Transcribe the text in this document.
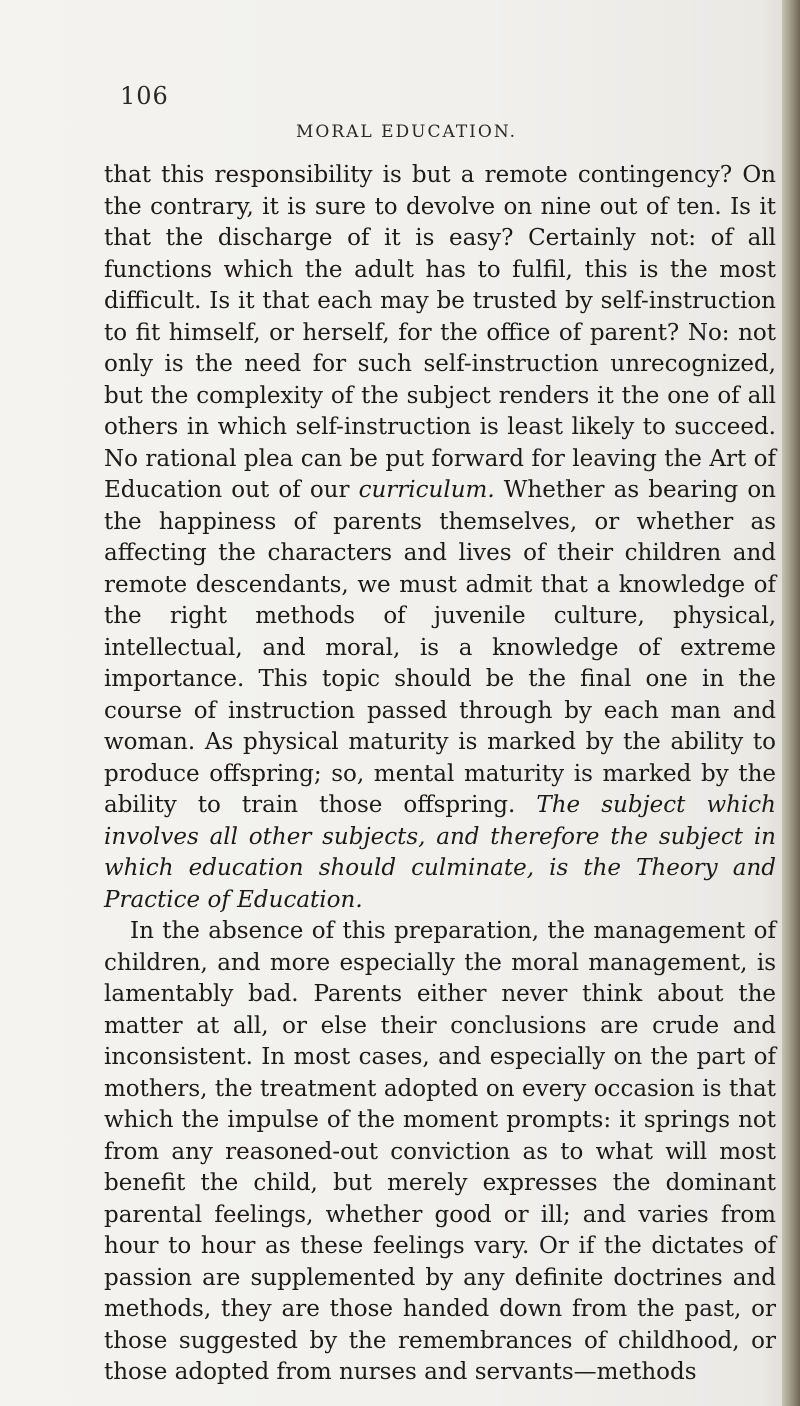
106
MORAL EDUCATION.

that this responsibility is but a remote contingency? On the contrary, it is sure to devolve on nine out of ten. Is it that the discharge of it is easy? Certainly not: of all functions which the adult has to fulfil, this is the most difficult. Is it that each may be trusted by self-instruction to fit himself, or herself, for the office of parent? No: not only is the need for such self-instruction unrecognized, but the complexity of the subject renders it the one of all others in which self-instruction is least likely to succeed. No rational plea can be put forward for leaving the Art of Education out of our curriculum. Whether as bearing on the happiness of parents themselves, or whether as affecting the characters and lives of their children and remote descendants, we must admit that a knowledge of the right methods of juvenile culture, physical, intellectual, and moral, is a knowledge of extreme importance. This topic should be the final one in the course of instruction passed through by each man and woman. As physical maturity is marked by the ability to produce offspring; so, mental maturity is marked by the ability to train those offspring. The subject which involves all other subjects, and therefore the subject in which education should culminate, is the Theory and Practice of Education.

In the absence of this preparation, the management of children, and more especially the moral management, is lamentably bad. Parents either never think about the matter at all, or else their conclusions are crude and inconsistent. In most cases, and especially on the part of mothers, the treatment adopted on every occasion is that which the impulse of the moment prompts: it springs not from any reasoned-out conviction as to what will most benefit the child, but merely expresses the dominant parental feelings, whether good or ill; and varies from hour to hour as these feelings vary. Or if the dictates of passion are supplemented by any definite doctrines and methods, they are those handed down from the past, or those suggested by the remembrances of childhood, or those adopted from nurses and servants—methods
